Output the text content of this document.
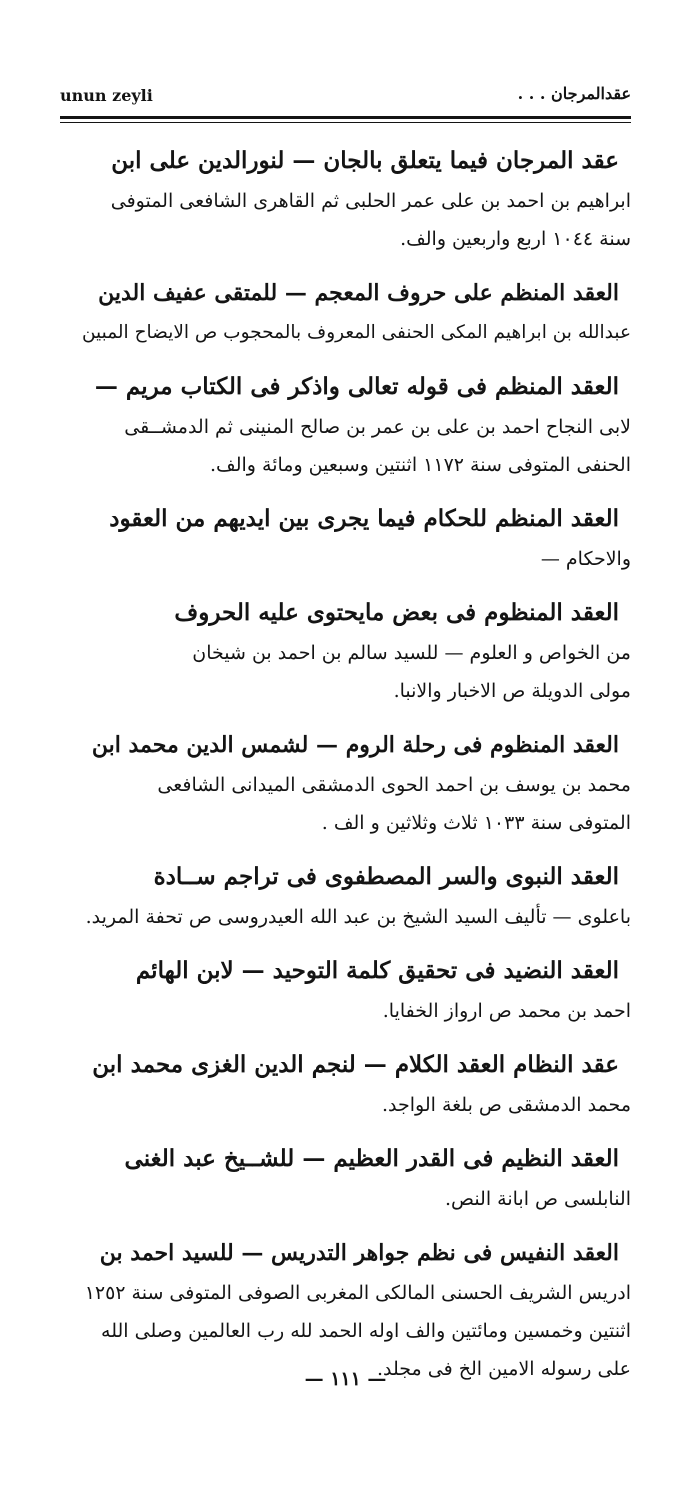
unun zeyli	عقدالمرجان . . .
عقد المرجان فيما يتعلق بالجان — لنورالدين على ابن
ابراهيم بن احمد بن على عمر الحلبى ثم القاهرى الشافعى المتوفى
سنة ١٠٤٤ اربع واربعين والف.
العقد المنظم على حروف المعجم — للمتقى عفيف الدين
عبدالله بن ابراهيم المكى الحنفى المعروف بالمحجوب ص الايضاح المبين
العقد المنظم فى قوله تعالى واذكر فى الكتاب مريم —
لابى النجاح احمد بن على بن عمر بن صالح المنينى ثم الدمشــقى
الحنفى المتوفى سنة ١١٧٢ اثنتين وسبعين ومائة والف.
العقد المنظم للحكام فيما يجرى بين ايديهم من العقود
والاحكام —
العقد المنظوم فى بعض مايحتوى عليه الحروف
من الخواص و العلوم — للسيد سالم بن احمد بن شيخان
مولى الدويلة ص الاخبار والانبا.
العقد المنظوم فى رحلة الروم — لشمس الدين محمد ابن
محمد بن يوسف بن احمد الحوى الدمشقى الميدانى الشافعى
المتوفى سنة ١٠٣٣ ثلاث وثلاثين و الف .
العقد النبوى والسر المصطفوى فى تراجم ســادة
باعلوى — تأليف السيد الشيخ بن عبد الله العيدروسى ص تحفة المريد.
العقد النضيد فى تحقيق كلمة التوحيد — لابن الهائم
احمد بن محمد ص ارواز الخفايا.
عقد النظام العقد الكلام — لنجم الدين الغزى محمد ابن
محمد الدمشقى ص بلغة الواجد.
العقد النظيم فى القدر العظيم — للشــيخ عبد الغنى
النابلسى ص ابانة النص.
العقد النفيس فى نظم جواهر التدريس — للسيد احمد بن
ادريس الشريف الحسنى المالكى المغربى الصوفى المتوفى سنة ١٢٥٢
اثنتين وخمسين ومائتين والف اوله الحمد لله رب العالمين وصلى الله
على رسوله الامين الخ فى مجلد.
— ١١١ —
